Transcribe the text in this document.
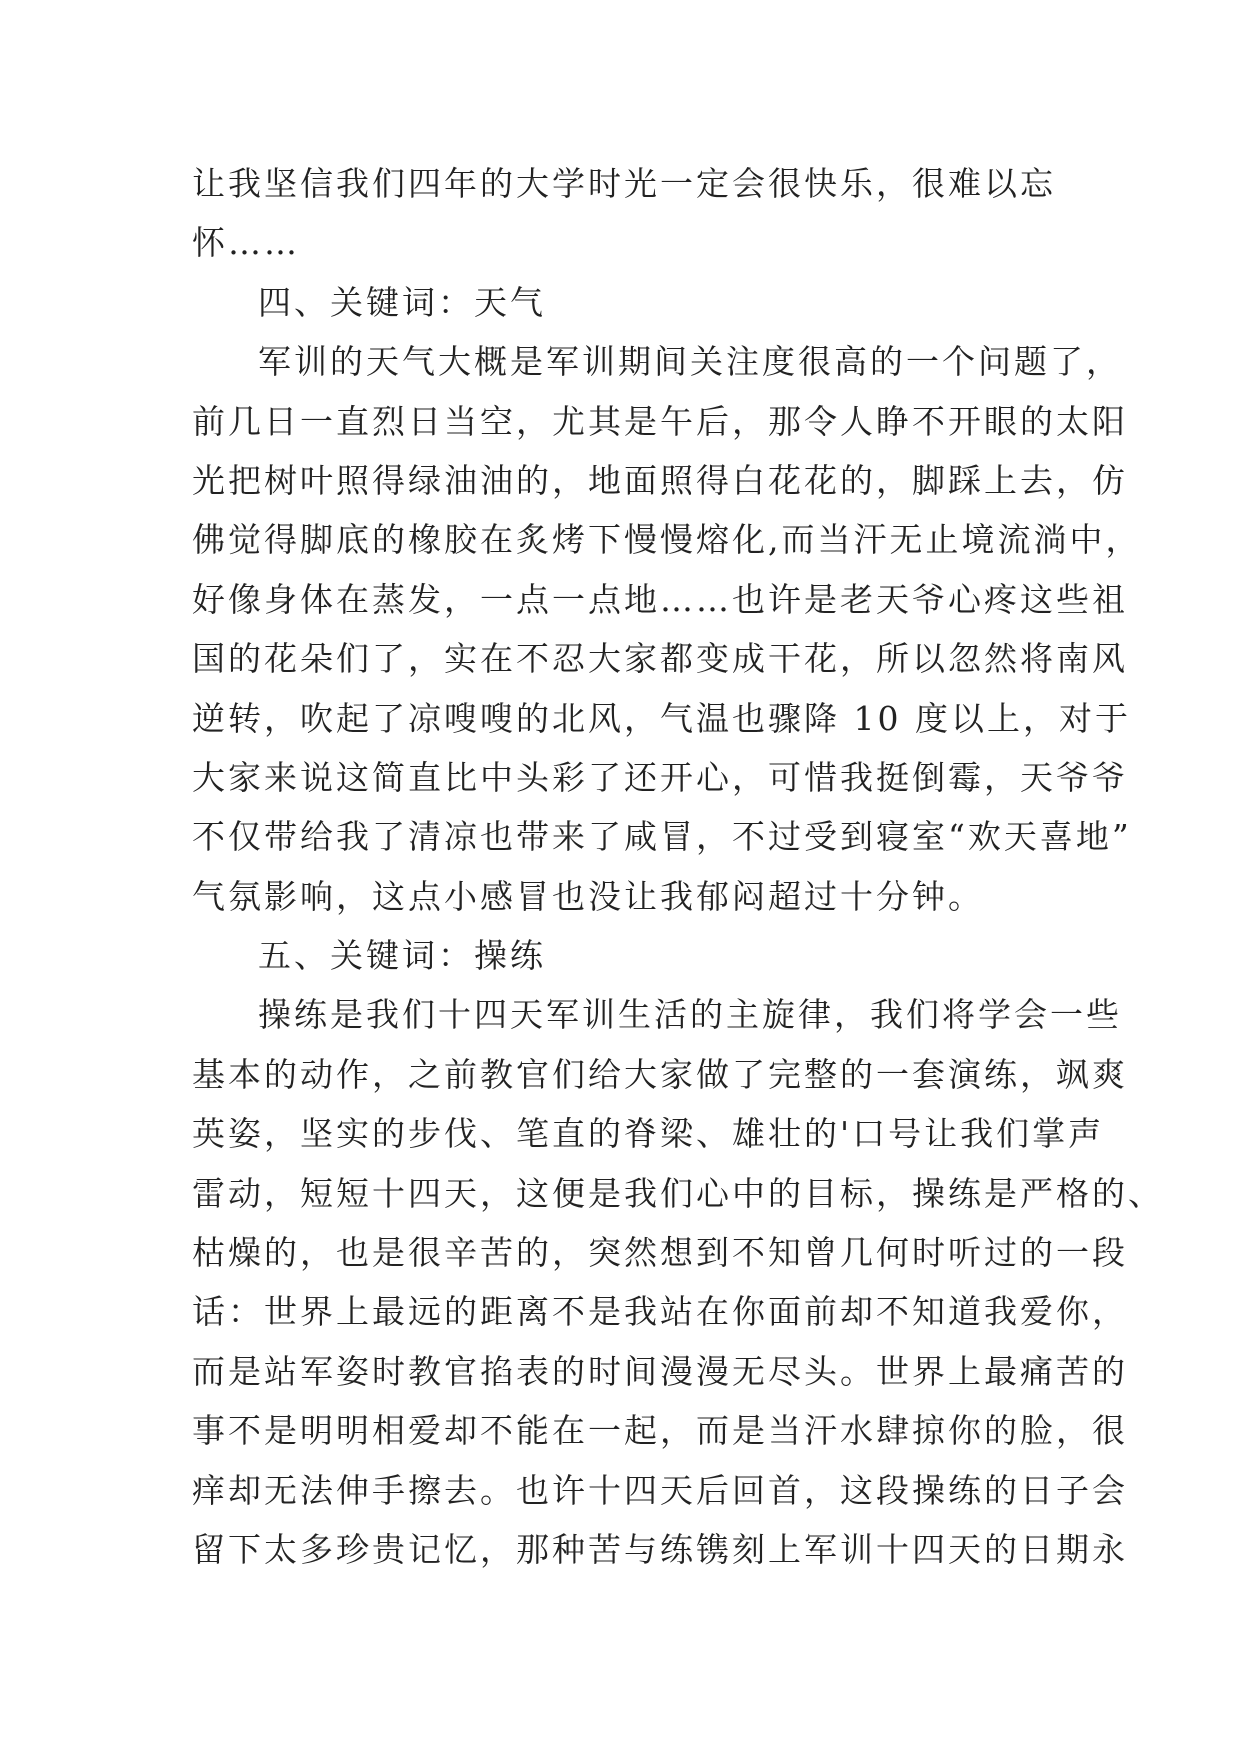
让我坚信我们四年的大学时光一定会很快乐，很难以忘
怀……
四、关键词：天气
军训的天气大概是军训期间关注度很高的一个问题了，
前几日一直烈日当空，尤其是午后，那令人睁不开眼的太阳
光把树叶照得绿油油的，地面照得白花花的，脚踩上去，仿
佛觉得脚底的橡胶在炙烤下慢慢熔化,而当汗无止境流淌中，
好像身体在蒸发，一点一点地……也许是老天爷心疼这些祖
国的花朵们了，实在不忍大家都变成干花，所以忽然将南风
逆转，吹起了凉嗖嗖的北风，气温也骤降 10 度以上，对于
大家来说这简直比中头彩了还开心，可惜我挺倒霉，天爷爷
不仅带给我了清凉也带来了咸冒，不过受到寝室“欢天喜地”
气氛影响，这点小感冒也没让我郁闷超过十分钟。
五、关键词：操练
操练是我们十四天军训生活的主旋律，我们将学会一些
基本的动作，之前教官们给大家做了完整的一套演练，飒爽
英姿，坚实的步伐、笔直的脊梁、雄壮的'口号让我们掌声
雷动，短短十四天，这便是我们心中的目标，操练是严格的、
枯燥的，也是很辛苦的，突然想到不知曾几何时听过的一段
话：世界上最远的距离不是我站在你面前却不知道我爱你，
而是站军姿时教官掐表的时间漫漫无尽头。世界上最痛苦的
事不是明明相爱却不能在一起，而是当汗水肆掠你的脸，很
痒却无法伸手擦去。也许十四天后回首，这段操练的日子会
留下太多珍贵记忆，那种苦与练镌刻上军训十四天的日期永
